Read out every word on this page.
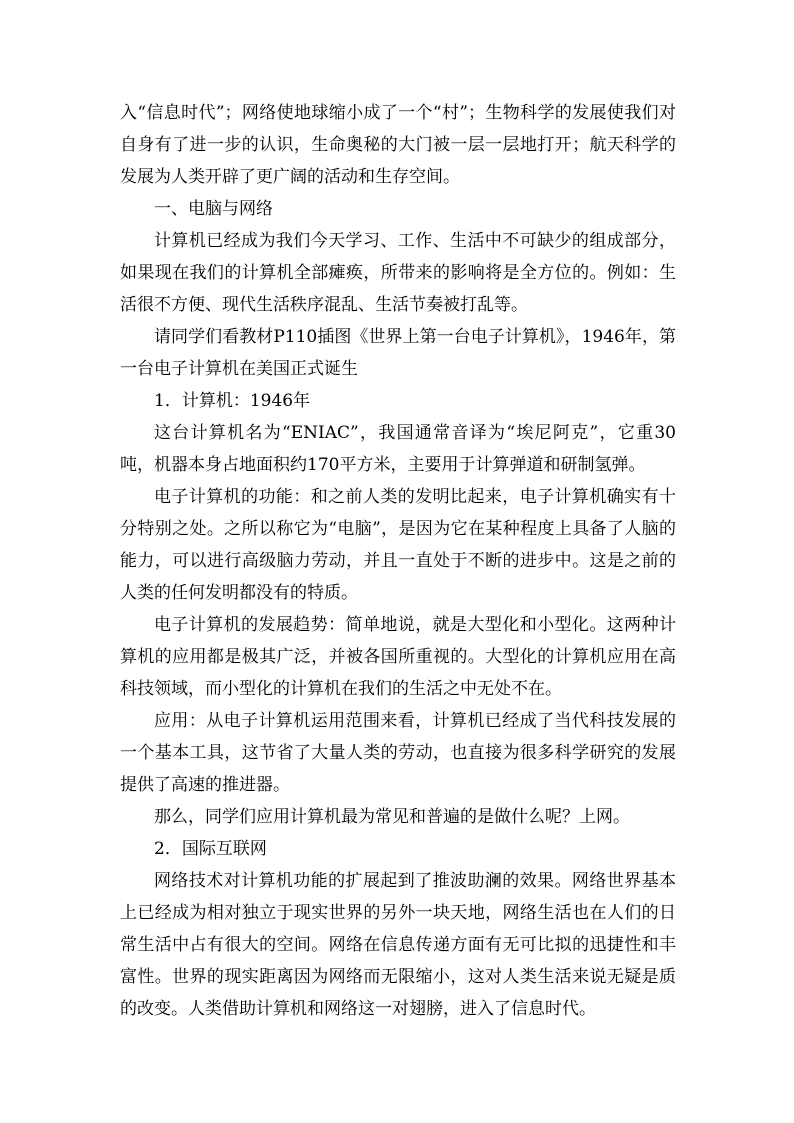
入“信息时代”；网络使地球缩小成了一个“村”；生物科学的发展使我们对自身有了进一步的认识，生命奥秘的大门被一层一层地打开；航天科学的发展为人类开辟了更广阔的活动和生存空间。

一、电脑与网络

计算机已经成为我们今天学习、工作、生活中不可缺少的组成部分，如果现在我们的计算机全部瘫痪，所带来的影响将是全方位的。例如：生活很不方便、现代生活秩序混乱、生活节奏被打乱等。

请同学们看教材P110插图《世界上第一台电子计算机》，1946年，第一台电子计算机在美国正式诞生

1．计算机：1946年

这台计算机名为“ENIAC”，我国通常音译为“埃尼阿克”，它重30吨，机器本身占地面积约170平方米，主要用于计算弹道和研制氢弹。

电子计算机的功能：和之前人类的发明比起来，电子计算机确实有十分特别之处。之所以称它为“电脑”，是因为它在某种程度上具备了人脑的能力，可以进行高级脑力劳动，并且一直处于不断的进步中。这是之前的人类的任何发明都没有的特质。

电子计算机的发展趋势：简单地说，就是大型化和小型化。这两种计算机的应用都是极其广泛，并被各国所重视的。大型化的计算机应用在高科技领域，而小型化的计算机在我们的生活之中无处不在。

应用：从电子计算机运用范围来看，计算机已经成了当代科技发展的一个基本工具，这节省了大量人类的劳动，也直接为很多科学研究的发展提供了高速的推进器。

那么，同学们应用计算机最为常见和普遍的是做什么呢？上网。

2．国际互联网

网络技术对计算机功能的扩展起到了推波助澜的效果。网络世界基本上已经成为相对独立于现实世界的另外一块天地，网络生活也在人们的日常生活中占有很大的空间。网络在信息传递方面有无可比拟的迅捷性和丰富性。世界的现实距离因为网络而无限缩小，这对人类生活来说无疑是质的改变。人类借助计算机和网络这一对翅膀，进入了信息时代。
